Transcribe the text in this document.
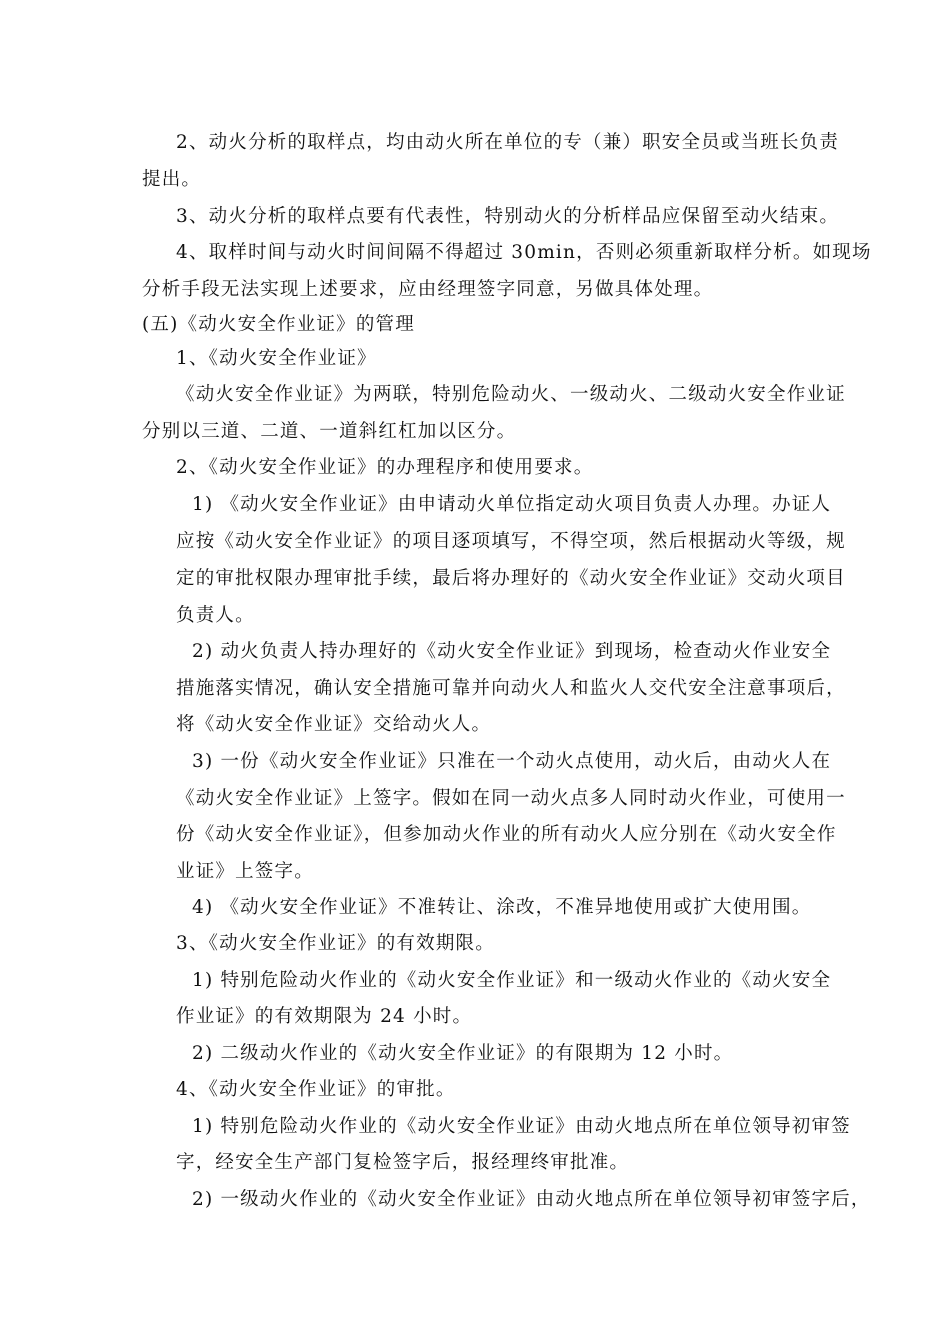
2、动火分析的取样点，均由动火所在单位的专（兼）职安全员或当班长负责
提出。
3、动火分析的取样点要有代表性，特别动火的分析样品应保留至动火结束。
4、取样时间与动火时间间隔不得超过 30min，否则必须重新取样分析。如现场
分析手段无法实现上述要求，应由经理签字同意，另做具体处理。
(五)《动火安全作业证》的管理
1、《动火安全作业证》
《动火安全作业证》为两联，特别危险动火、一级动火、二级动火安全作业证
分别以三道、二道、一道斜红杠加以区分。
2、《动火安全作业证》的办理程序和使用要求。
1) 《动火安全作业证》由申请动火单位指定动火项目负责人办理。办证人
应按《动火安全作业证》的项目逐项填写，不得空项，然后根据动火等级，规
定的审批权限办理审批手续，最后将办理好的《动火安全作业证》交动火项目
负责人。
2) 动火负责人持办理好的《动火安全作业证》到现场，检查动火作业安全
措施落实情况，确认安全措施可靠并向动火人和监火人交代安全注意事项后，
将《动火安全作业证》交给动火人。
3) 一份《动火安全作业证》只准在一个动火点使用，动火后，由动火人在
《动火安全作业证》上签字。假如在同一动火点多人同时动火作业，可使用一
份《动火安全作业证》，但参加动火作业的所有动火人应分别在《动火安全作
业证》上签字。
4) 《动火安全作业证》不准转让、涂改，不准异地使用或扩大使用围。
3、《动火安全作业证》的有效期限。
1) 特别危险动火作业的《动火安全作业证》和一级动火作业的《动火安全
作业证》的有效期限为 24 小时。
2) 二级动火作业的《动火安全作业证》的有限期为 12 小时。
4、《动火安全作业证》的审批。
1) 特别危险动火作业的《动火安全作业证》由动火地点所在单位领导初审签
字，经安全生产部门复检签字后，报经理终审批准。
2) 一级动火作业的《动火安全作业证》由动火地点所在单位领导初审签字后，
